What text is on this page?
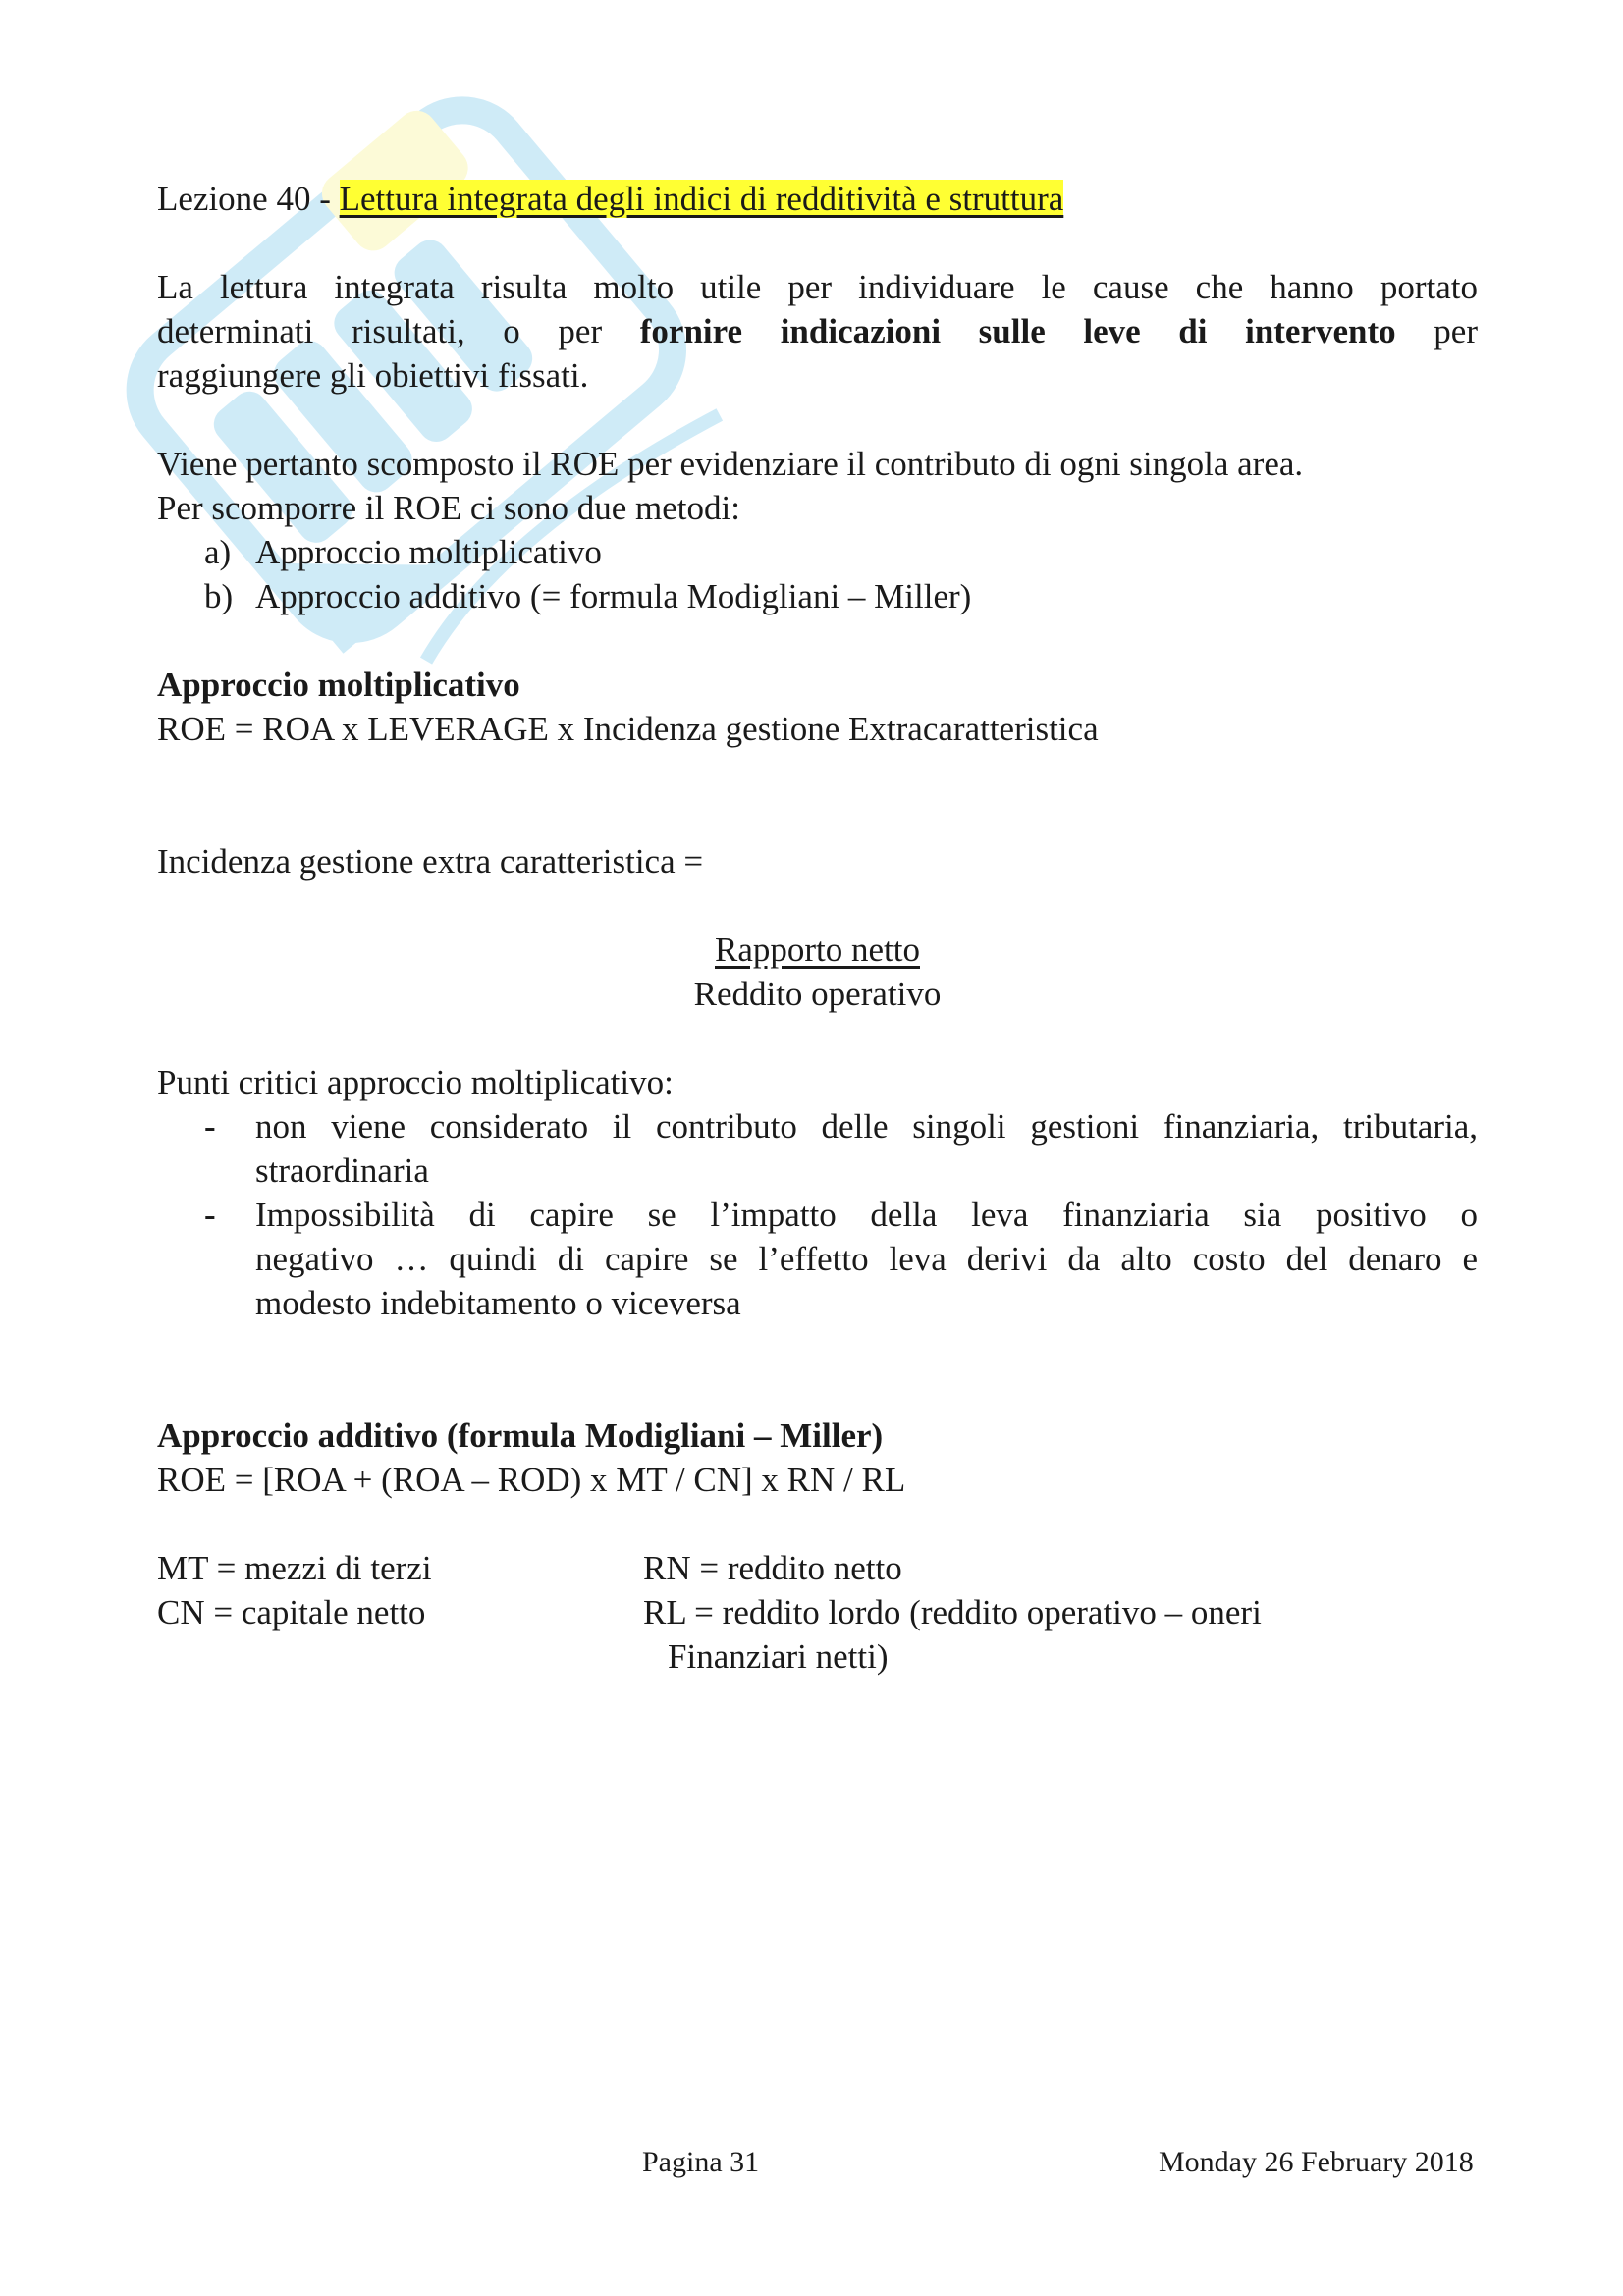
Lezione 40 - Lettura integrata degli indici di redditività e struttura
La lettura integrata risulta molto utile per individuare le cause che hanno portato
determinati risultati, o per fornire indicazioni sulle leve di intervento per
raggiungere gli obiettivi fissati.
Viene pertanto scomposto il ROE per evidenziare il contributo di ogni singola area.
Per scomporre il ROE ci sono due metodi:
a) Approccio moltiplicativo
b) Approccio additivo (= formula Modigliani – Miller)
Approccio moltiplicativo
ROE = ROA x LEVERAGE x Incidenza gestione Extracaratteristica
Incidenza gestione extra caratteristica =
Rapporto netto
Reddito operativo
Punti critici approccio moltiplicativo:
- non viene considerato il contributo delle singoli gestioni finanziaria, tributaria,
straordinaria
- Impossibilità di capire se l’impatto della leva finanziaria sia positivo o
negativo … quindi di capire se l’effetto leva derivi da alto costo del denaro e
modesto indebitamento o viceversa
Approccio additivo (formula Modigliani – Miller)
ROE = [ROA + (ROA – ROD) x MT / CN] x RN / RL
MT = mezzi di terzi	RN = reddito netto
CN = capitale netto	RL = reddito lordo (reddito operativo – oneri
Finanziari netti)
Pagina 31	Monday 26 February 2018
